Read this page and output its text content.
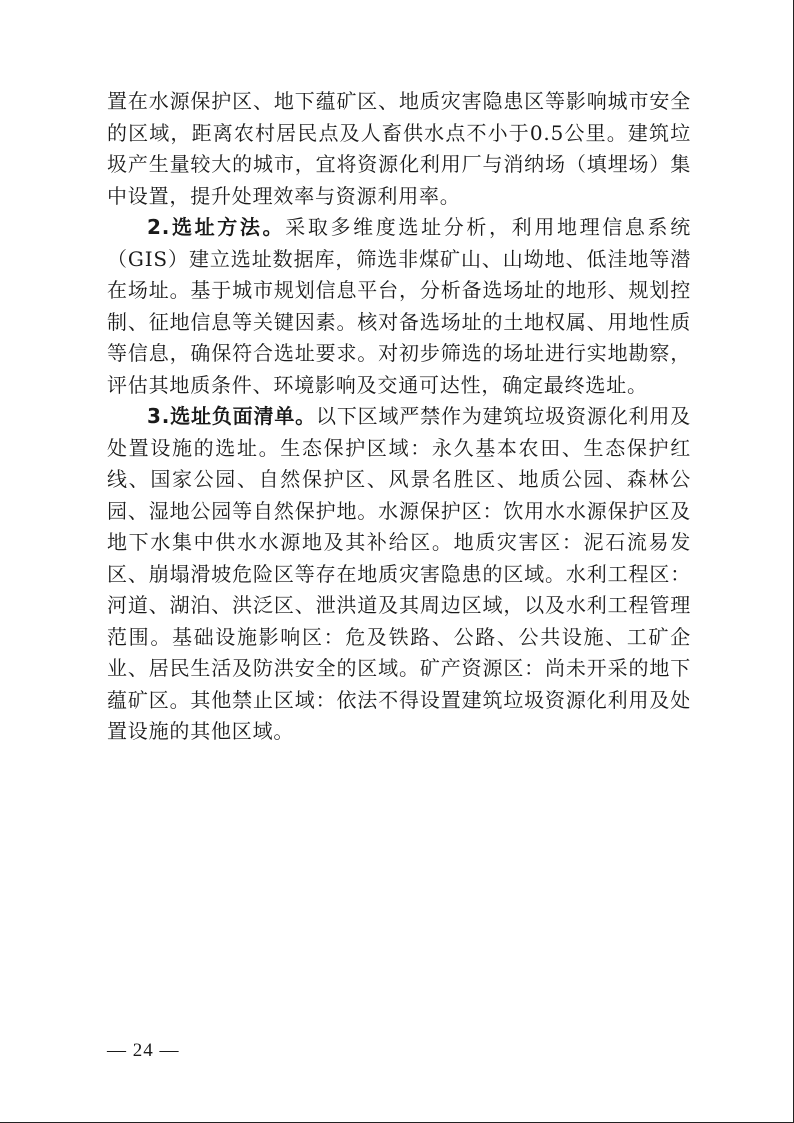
置在水源保护区、地下蕴矿区、地质灾害隐患区等影响城市安全的区域，距离农村居民点及人畜供水点不小于0.5公里。建筑垃圾产生量较大的城市，宜将资源化利用厂与消纳场（填埋场）集中设置，提升处理效率与资源利用率。

2.选址方法。采取多维度选址分析，利用地理信息系统（GIS）建立选址数据库，筛选非煤矿山、山坳地、低洼地等潜在场址。基于城市规划信息平台，分析备选场址的地形、规划控制、征地信息等关键因素。核对备选场址的土地权属、用地性质等信息，确保符合选址要求。对初步筛选的场址进行实地勘察，评估其地质条件、环境影响及交通可达性，确定最终选址。

3.选址负面清单。以下区域严禁作为建筑垃圾资源化利用及处置设施的选址。生态保护区域：永久基本农田、生态保护红线、国家公园、自然保护区、风景名胜区、地质公园、森林公园、湿地公园等自然保护地。水源保护区：饮用水水源保护区及地下水集中供水水源地及其补给区。地质灾害区：泥石流易发区、崩塌滑坡危险区等存在地质灾害隐患的区域。水利工程区：河道、湖泊、洪泛区、泄洪道及其周边区域，以及水利工程管理范围。基础设施影响区：危及铁路、公路、公共设施、工矿企业、居民生活及防洪安全的区域。矿产资源区：尚未开采的地下蕴矿区。其他禁止区域：依法不得设置建筑垃圾资源化利用及处置设施的其他区域。

— 24 —
